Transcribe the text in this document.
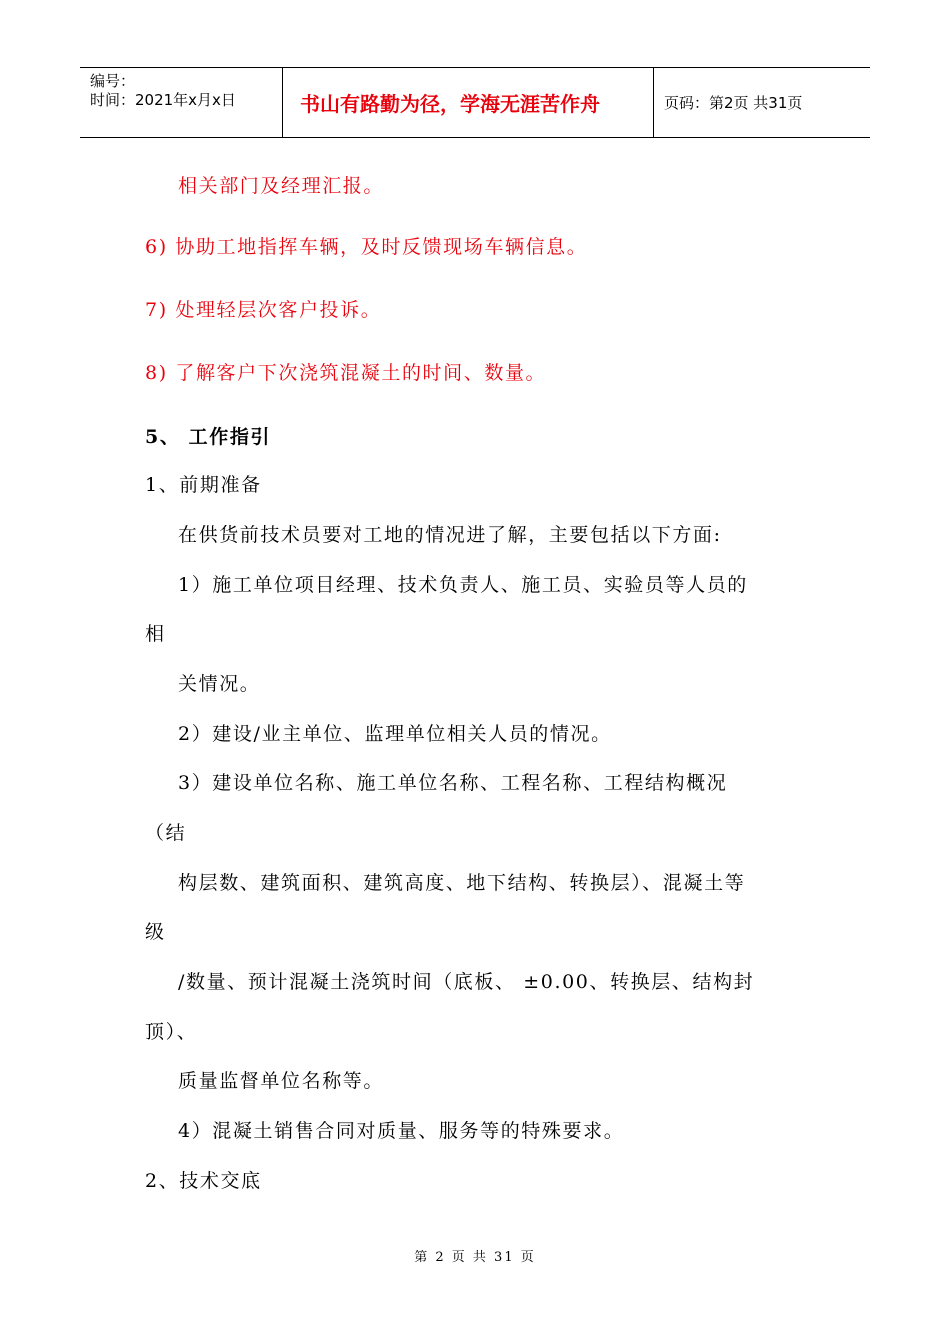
编号：
时间：2021年x月x日	书山有路勤为径，学海无涯苦作舟	页码：第2页 共31页
相关部门及经理汇报。
6) 协助工地指挥车辆，及时反馈现场车辆信息。
7) 处理轻层次客户投诉。
8) 了解客户下次浇筑混凝土的时间、数量。
5、 工作指引
1、前期准备
在供货前技术员要对工地的情况进了解，主要包括以下方面:
1）施工单位项目经理、技术负责人、施工员、实验员等人员的
相
关情况。
2）建设/业主单位、监理单位相关人员的情况。
3）建设单位名称、施工单位名称、工程名称、工程结构概况
（结
构层数、建筑面积、建筑高度、地下结构、转换层）、混凝土等
级
/数量、预计混凝土浇筑时间（底板、 ±0.00、转换层、结构封
顶）、
质量监督单位名称等。
4）混凝土销售合同对质量、服务等的特殊要求。
2、技术交底
第 2 页 共 31 页
